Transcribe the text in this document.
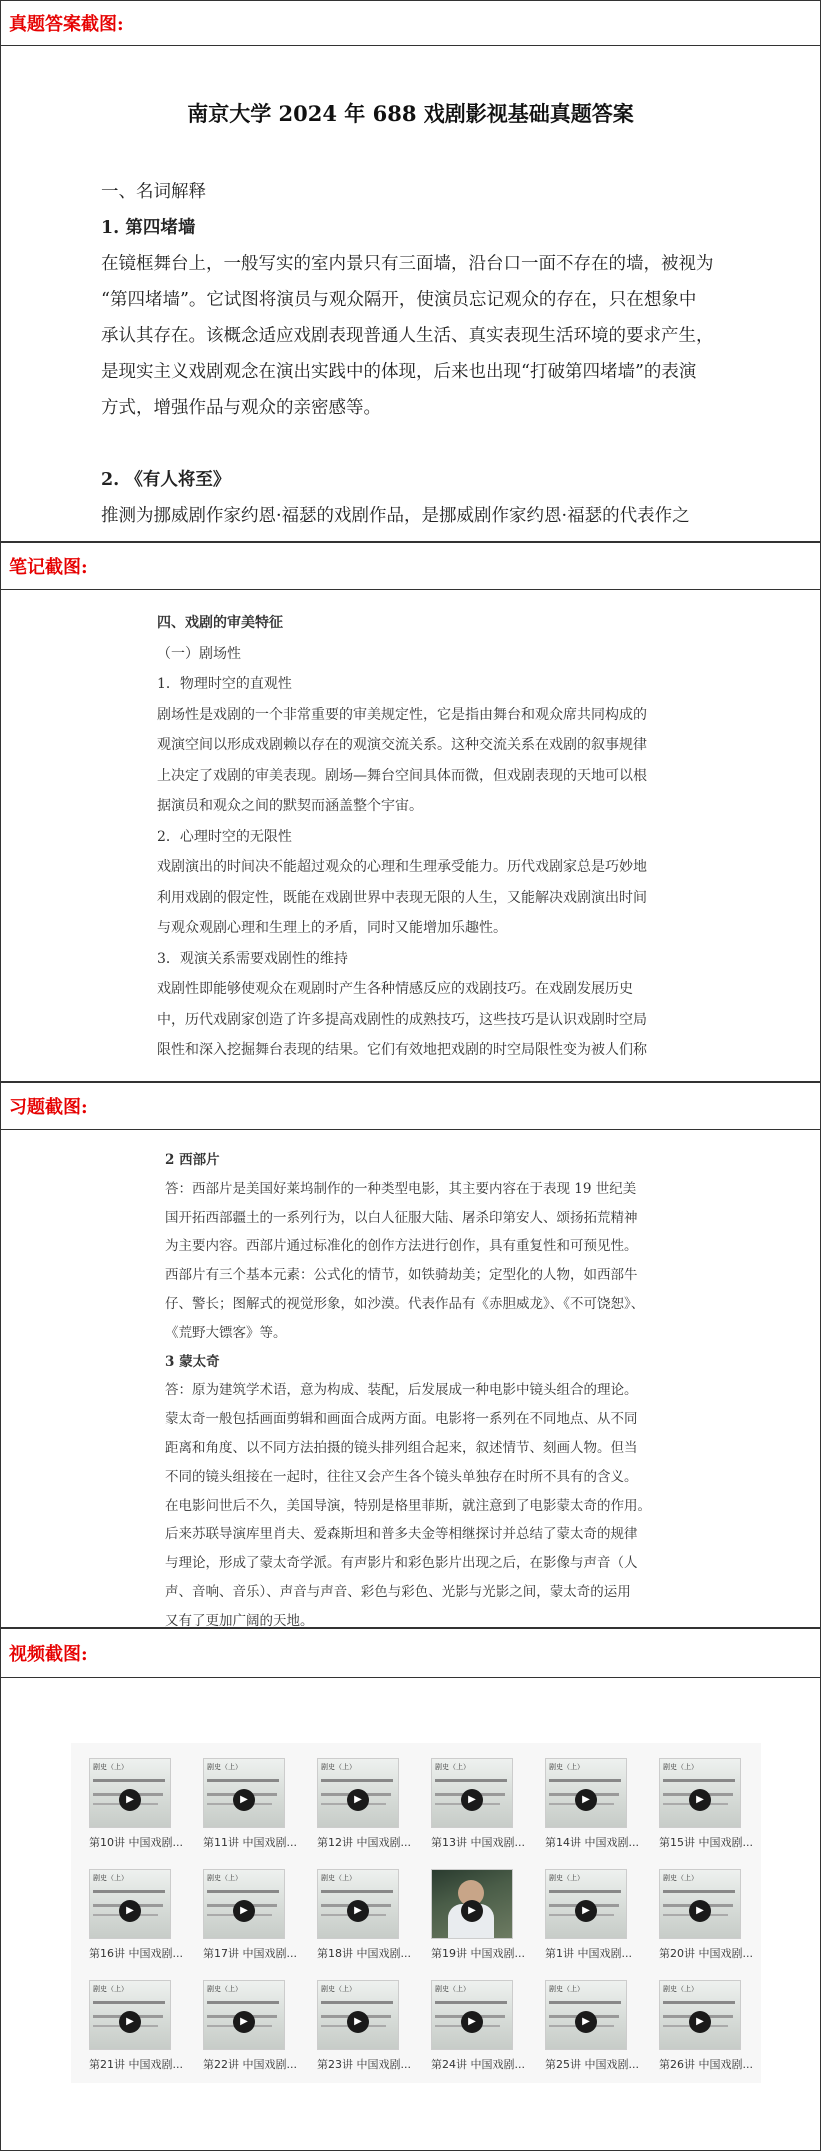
真题答案截图:
南京大学 2024 年 688 戏剧影视基础真题答案
一、名词解释
1. 第四堵墙
在镜框舞台上，一般写实的室内景只有三面墙，沿台口一面不存在的墙，被视为
“第四堵墙”。它试图将演员与观众隔开，使演员忘记观众的存在，只在想象中
承认其存在。该概念适应戏剧表现普通人生活、真实表现生活环境的要求产生，
是现实主义戏剧观念在演出实践中的体现，后来也出现“打破第四堵墙”的表演
方式，增强作品与观众的亲密感等。
2. 《有人将至》
推测为挪威剧作家约恩·福瑟的戏剧作品，是挪威剧作家约恩·福瑟的代表作之
笔记截图:
四、戏剧的审美特征
（一）剧场性
1．物理时空的直观性
剧场性是戏剧的一个非常重要的审美规定性，它是指由舞台和观众席共同构成的
观演空间以形成戏剧赖以存在的观演交流关系。这种交流关系在戏剧的叙事规律
上决定了戏剧的审美表现。剧场—舞台空间具体而微，但戏剧表现的天地可以根
据演员和观众之间的默契而涵盖整个宇宙。
2．心理时空的无限性
戏剧演出的时间决不能超过观众的心理和生理承受能力。历代戏剧家总是巧妙地
利用戏剧的假定性，既能在戏剧世界中表现无限的人生，又能解决戏剧演出时间
与观众观剧心理和生理上的矛盾，同时又能增加乐趣性。
3．观演关系需要戏剧性的维持
戏剧性即能够使观众在观剧时产生各种情感反应的戏剧技巧。在戏剧发展历史
中，历代戏剧家创造了许多提高戏剧性的成熟技巧，这些技巧是认识戏剧时空局
限性和深入挖掘舞台表现的结果。它们有效地把戏剧的时空局限性变为被人们称
习题截图:
2 西部片
答：西部片是美国好莱坞制作的一种类型电影，其主要内容在于表现 19 世纪美
国开拓西部疆土的一系列行为，以白人征服大陆、屠杀印第安人、颂扬拓荒精神
为主要内容。西部片通过标准化的创作方法进行创作，具有重复性和可预见性。
西部片有三个基本元素：公式化的情节，如铁骑劫美；定型化的人物，如西部牛
仔、警长；图解式的视觉形象，如沙漠。代表作品有《赤胆威龙》、《不可饶恕》、
《荒野大镖客》等。
3 蒙太奇
答：原为建筑学术语，意为构成、装配，后发展成一种电影中镜头组合的理论。
蒙太奇一般包括画面剪辑和画面合成两方面。电影将一系列在不同地点、从不同
距离和角度、以不同方法拍摄的镜头排列组合起来，叙述情节、刻画人物。但当
不同的镜头组接在一起时，往往又会产生各个镜头单独存在时所不具有的含义。
在电影问世后不久，美国导演，特别是格里菲斯，就注意到了电影蒙太奇的作用。
后来苏联导演库里肖夫、爱森斯坦和普多夫金等相继探讨并总结了蒙太奇的规律
与理论，形成了蒙太奇学派。有声影片和彩色影片出现之后，在影像与声音（人
声、音响、音乐）、声音与声音、彩色与彩色、光影与光影之间，蒙太奇的运用
又有了更加广阔的天地。
视频截图:
剧史（上）
▶
第10讲 中国戏剧...
剧史（上）
▶
第11讲 中国戏剧...
剧史（上）
▶
第12讲 中国戏剧...
剧史（上）
▶
第13讲 中国戏剧...
剧史（上）
▶
第14讲 中国戏剧...
剧史（上）
▶
第15讲 中国戏剧...
剧史（上）
▶
第16讲 中国戏剧...
剧史（上）
▶
第17讲 中国戏剧...
剧史（上）
▶
第18讲 中国戏剧...
▶
第19讲 中国戏剧...
剧史（上）
▶
第1讲 中国戏剧...
剧史（上）
▶
第20讲 中国戏剧...
剧史（上）
▶
第21讲 中国戏剧...
剧史（上）
▶
第22讲 中国戏剧...
剧史（上）
▶
第23讲 中国戏剧...
剧史（上）
▶
第24讲 中国戏剧...
剧史（上）
▶
第25讲 中国戏剧...
剧史（上）
▶
第26讲 中国戏剧...
